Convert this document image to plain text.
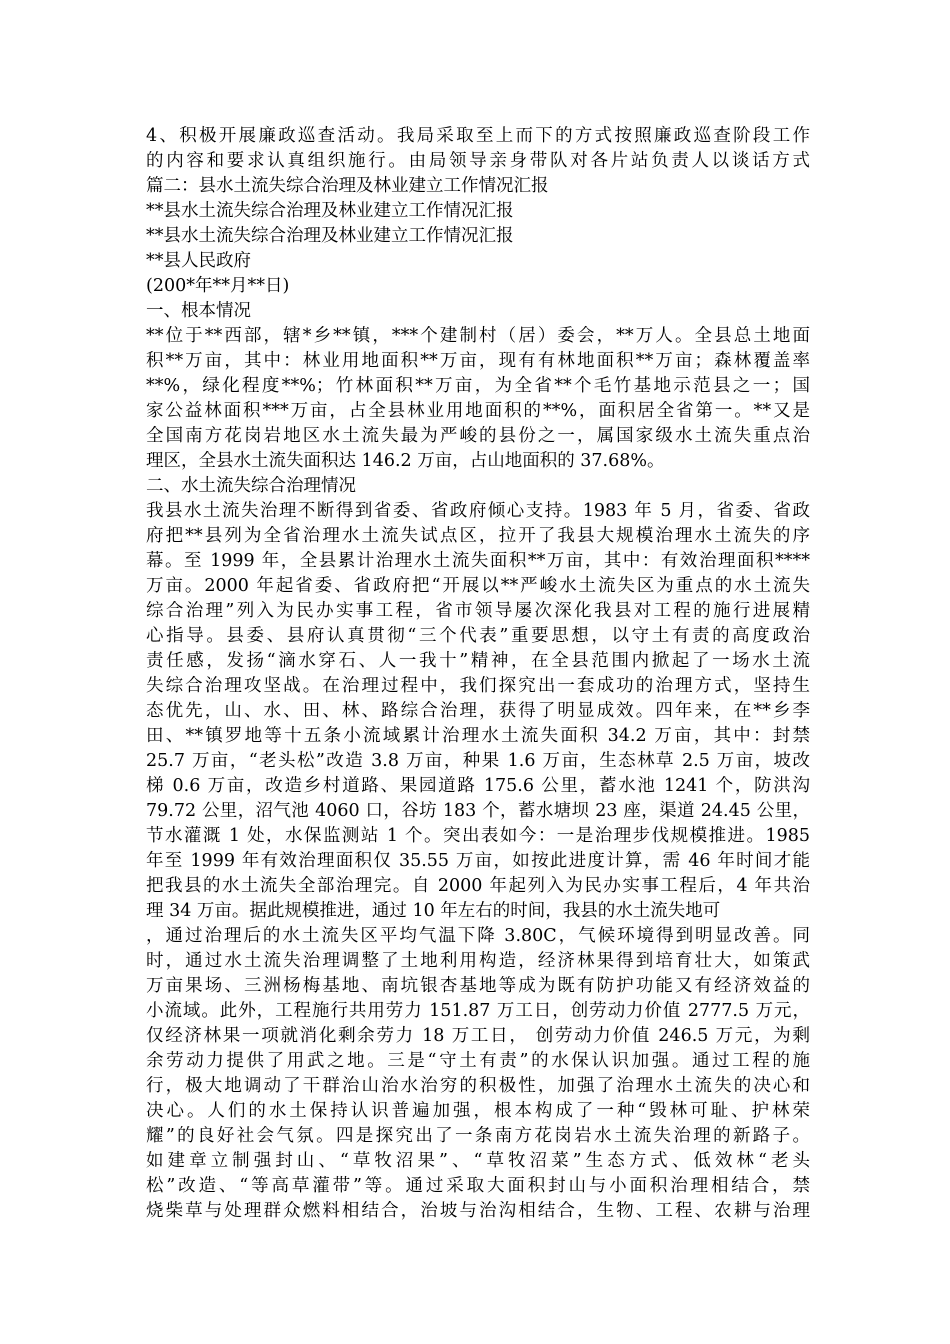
4、积极开展廉政巡查活动。我局采取至上而下的方式按照廉政巡查阶段工作
的内容和要求认真组织施行。由局领导亲身带队对各片站负责人以谈话方式
篇二：县水土流失综合治理及林业建立工作情况汇报
**县水土流失综合治理及林业建立工作情况汇报
**县水土流失综合治理及林业建立工作情况汇报
**县人民政府
(200*年**月**日)
一、根本情况
**位于**西部，辖*乡**镇，***个建制村（居）委会，**万人。全县总土地面
积**万亩，其中：林业用地面积**万亩，现有有林地面积**万亩；森林覆盖率
**%，绿化程度**%；竹林面积**万亩，为全省**个毛竹基地示范县之一；国
家公益林面积***万亩，占全县林业用地面积的**%，面积居全省第一。**又是
全国南方花岗岩地区水土流失最为严峻的县份之一，属国家级水土流失重点治
理区，全县水土流失面积达 146.2 万亩，占山地面积的 37.68%。
二、水土流失综合治理情况
我县水土流失治理不断得到省委、省政府倾心支持。1983 年 5 月，省委、省政
府把**县列为全省治理水土流失试点区，拉开了我县大规模治理水土流失的序
幕。至 1999 年，全县累计治理水土流失面积**万亩，其中：有效治理面积****
万亩。2000 年起省委、省政府把“开展以**严峻水土流失区为重点的水土流失
综合治理”列入为民办实事工程，省市领导屡次深化我县对工程的施行进展精
心指导。县委、县府认真贯彻“三个代表”重要思想，以守土有责的高度政治
责任感，发扬“滴水穿石、人一我十”精神，在全县范围内掀起了一场水土流
失综合治理攻坚战。在治理过程中，我们探究出一套成功的治理方式，坚持生
态优先，山、水、田、林、路综合治理，获得了明显成效。四年来，在**乡李
田、**镇罗地等十五条小流域累计治理水土流失面积 34.2 万亩，其中：封禁
25.7 万亩，“老头松”改造 3.8 万亩，种果 1.6 万亩，生态林草 2.5 万亩，坡改
梯 0.6 万亩，改造乡村道路、果园道路 175.6 公里，蓄水池 1241 个，防洪沟
79.72 公里，沼气池 4060 口，谷坊 183 个，蓄水塘坝 23 座，渠道 24.45 公里，
节水灌溉 1 处，水保监测站 1 个。突出表如今：一是治理步伐规模推进。1985
年至 1999 年有效治理面积仅 35.55 万亩，如按此进度计算，需 46 年时间才能
把我县的水土流失全部治理完。自 2000 年起列入为民办实事工程后，4 年共治
理 34 万亩。据此规模推进，通过 10 年左右的时间，我县的水土流失地可
，通过治理后的水土流失区平均气温下降 3.80C，气候环境得到明显改善。同
时，通过水土流失治理调整了土地利用构造，经济林果得到培育壮大，如策武
万亩果场、三洲杨梅基地、南坑银杏基地等成为既有防护功能又有经济效益的
小流域。此外，工程施行共用劳力 151.87 万工日，创劳动力价值 2777.5 万元，
仅经济林果一项就消化剩余劳力 18 万工日， 创劳动力价值 246.5 万元，为剩
余劳动力提供了用武之地。三是“守土有责”的水保认识加强。通过工程的施
行，极大地调动了干群治山治水治穷的积极性，加强了治理水土流失的决心和
决心。人们的水土保持认识普遍加强，根本构成了一种“毁林可耻、护林荣
耀”的良好社会气氛。四是探究出了一条南方花岗岩水土流失治理的新路子。
如建章立制强封山、“草牧沼果”、“草牧沼菜”生态方式、低效林“老头
松”改造、“等高草灌带”等。通过采取大面积封山与小面积治理相结合，禁
烧柴草与处理群众燃料相结合，治坡与治沟相结合，生物、工程、农耕与治理
